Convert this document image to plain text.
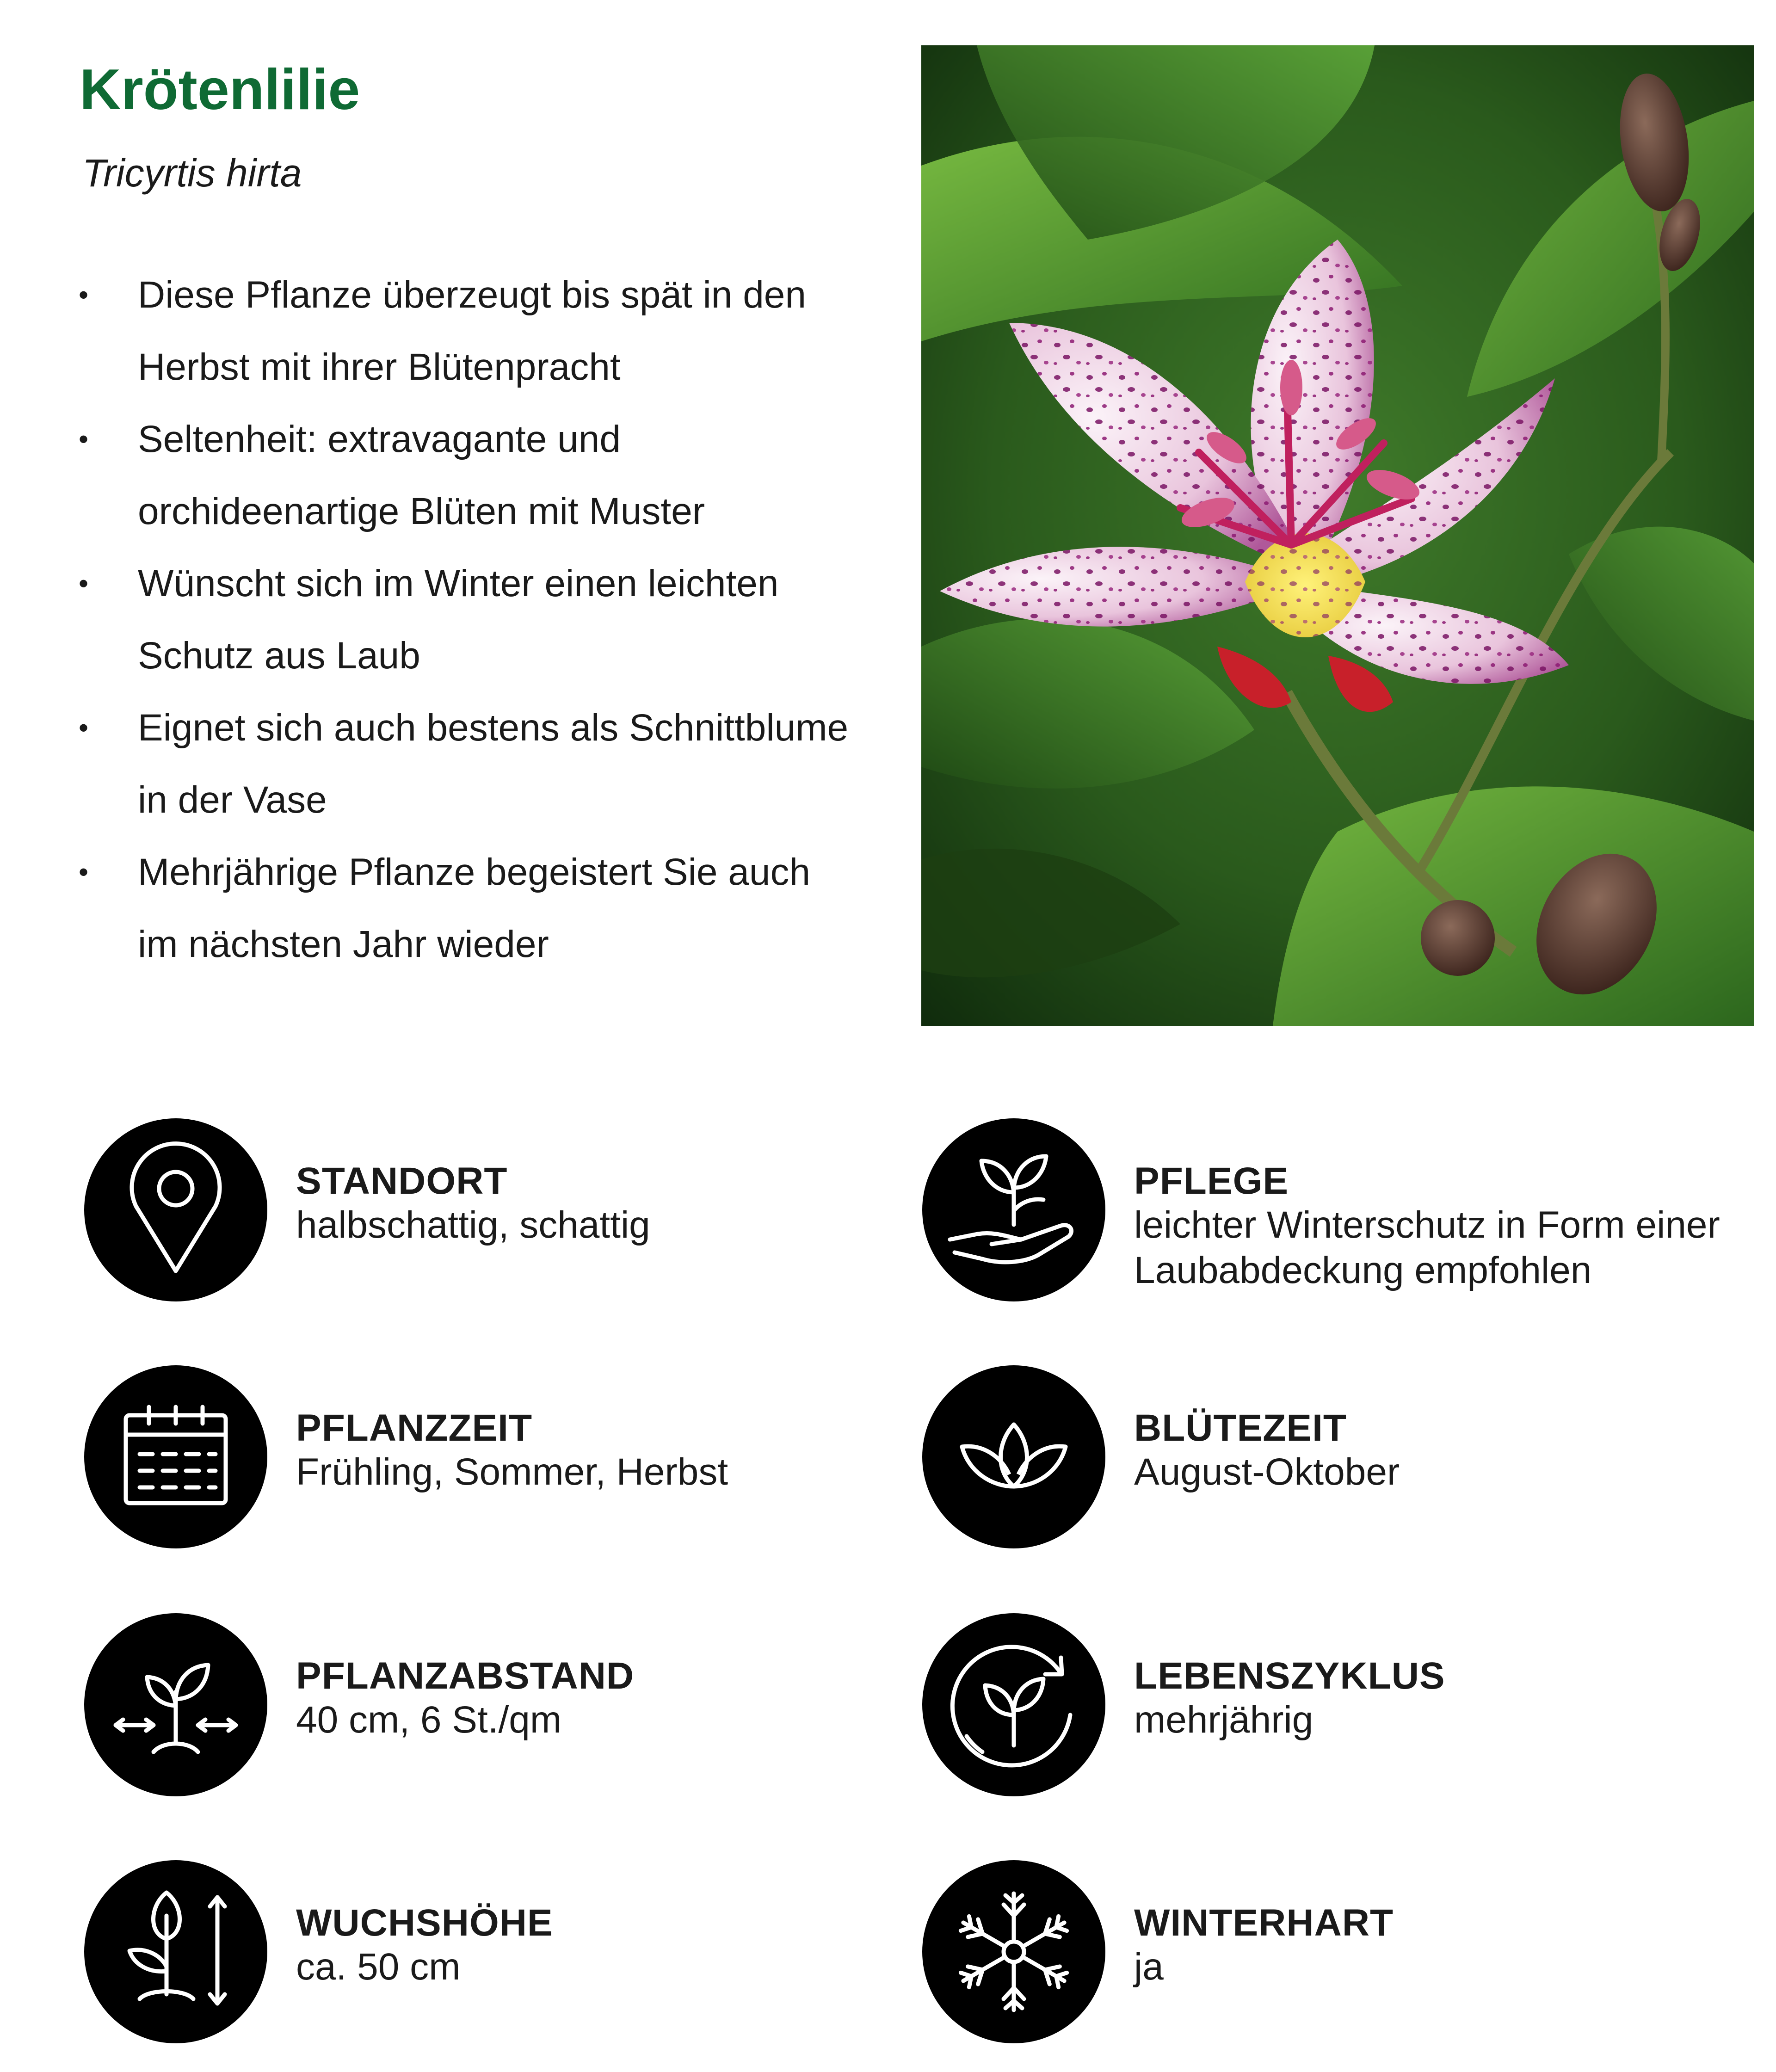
Krötenlilie
Tricyrtis hirta
• Diese Pflanze überzeugt bis spät in den
Herbst mit ihrer Blütenpracht
• Seltenheit: extravagante und
orchideenartige Blüten mit Muster
• Wünscht sich im Winter einen leichten
Schutz aus Laub
• Eignet sich auch bestens als Schnittblume
in der Vase
• Mehrjährige Pflanze begeistert Sie auch
im nächsten Jahr wieder
STANDORT
halbschattig, schattig
PFLEGE
leichter Winterschutz in Form einer
Laubabdeckung empfohlen
PFLANZZEIT
Frühling, Sommer, Herbst
BLÜTEZEIT
August-Oktober
PFLANZABSTAND
40 cm, 6 St./qm
LEBENSZYKLUS
mehrjährig
WUCHSHÖHE
ca. 50 cm
WINTERHART
ja
